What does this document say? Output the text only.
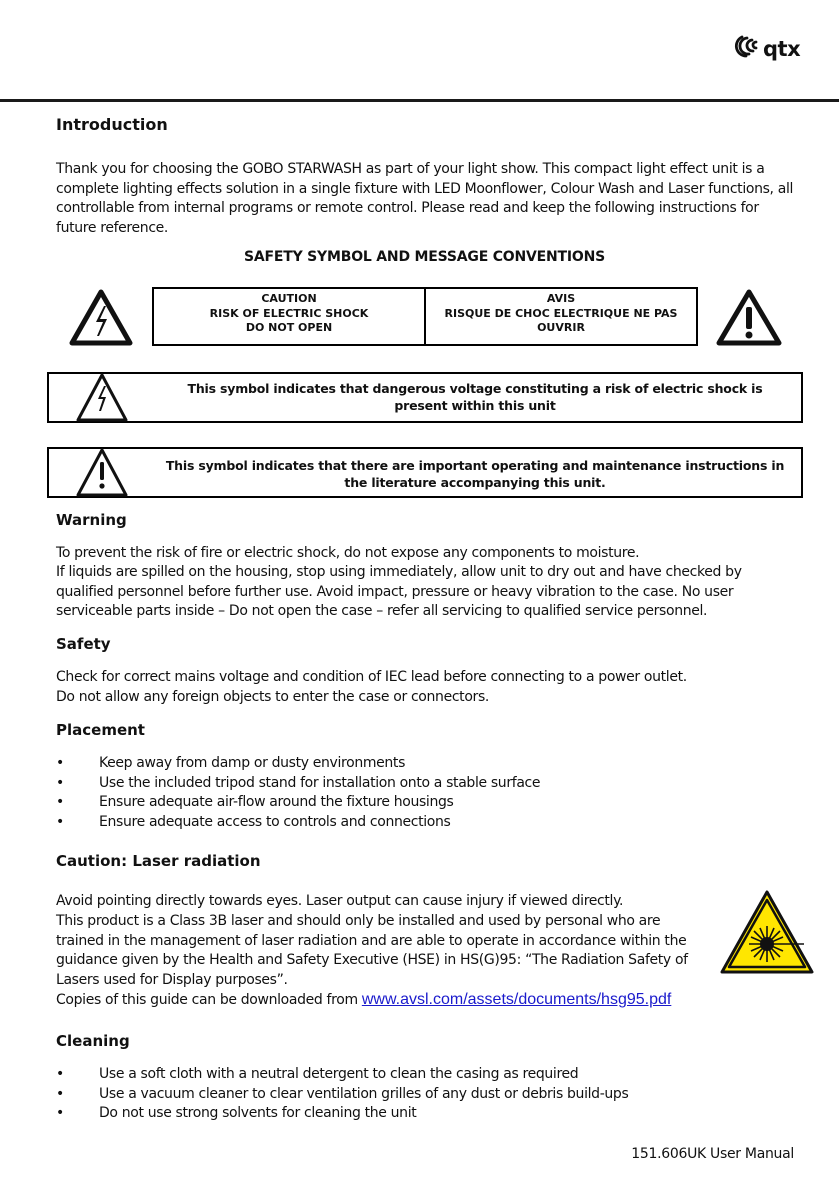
qtx
Introduction
Thank you for choosing the GOBO STARWASH as part of your light show. This compact light effect unit is a complete lighting effects solution in a single fixture with LED Moonflower, Colour Wash and Laser functions, all controllable from internal programs or remote control. Please read and keep the following instructions for future reference.
SAFETY SYMBOL AND MESSAGE CONVENTIONS
CAUTION
RISK OF ELECTRIC SHOCK
DO NOT OPEN
AVIS
RISQUE DE CHOC ELECTRIQUE NE PAS
OUVRIR
This symbol indicates that dangerous voltage constituting a risk of electric shock is present within this unit
This symbol indicates that there are important operating and maintenance instructions in the literature accompanying this unit.
Warning
To prevent the risk of fire or electric shock, do not expose any components to moisture.
If liquids are spilled on the housing, stop using immediately, allow unit to dry out and have checked by qualified personnel before further use. Avoid impact, pressure or heavy vibration to the case. No user serviceable parts inside – Do not open the case – refer all servicing to qualified service personnel.
Safety
Check for correct mains voltage and condition of IEC lead before connecting to a power outlet.
Do not allow any foreign objects to enter the case or connectors.
Placement
• Keep away from damp or dusty environments
• Use the included tripod stand for installation onto a stable surface
• Ensure adequate air-flow around the fixture housings
• Ensure adequate access to controls and connections
Caution: Laser radiation
Avoid pointing directly towards eyes. Laser output can cause injury if viewed directly.
This product is a Class 3B laser and should only be installed and used by personal who are trained in the management of laser radiation and are able to operate in accordance within the guidance given by the Health and Safety Executive (HSE) in HS(G)95: “The Radiation Safety of Lasers used for Display purposes”.
Copies of this guide can be downloaded from www.avsl.com/assets/documents/hsg95.pdf
Cleaning
• Use a soft cloth with a neutral detergent to clean the casing as required
• Use a vacuum cleaner to clear ventilation grilles of any dust or debris build-ups
• Do not use strong solvents for cleaning the unit
151.606UK User Manual
